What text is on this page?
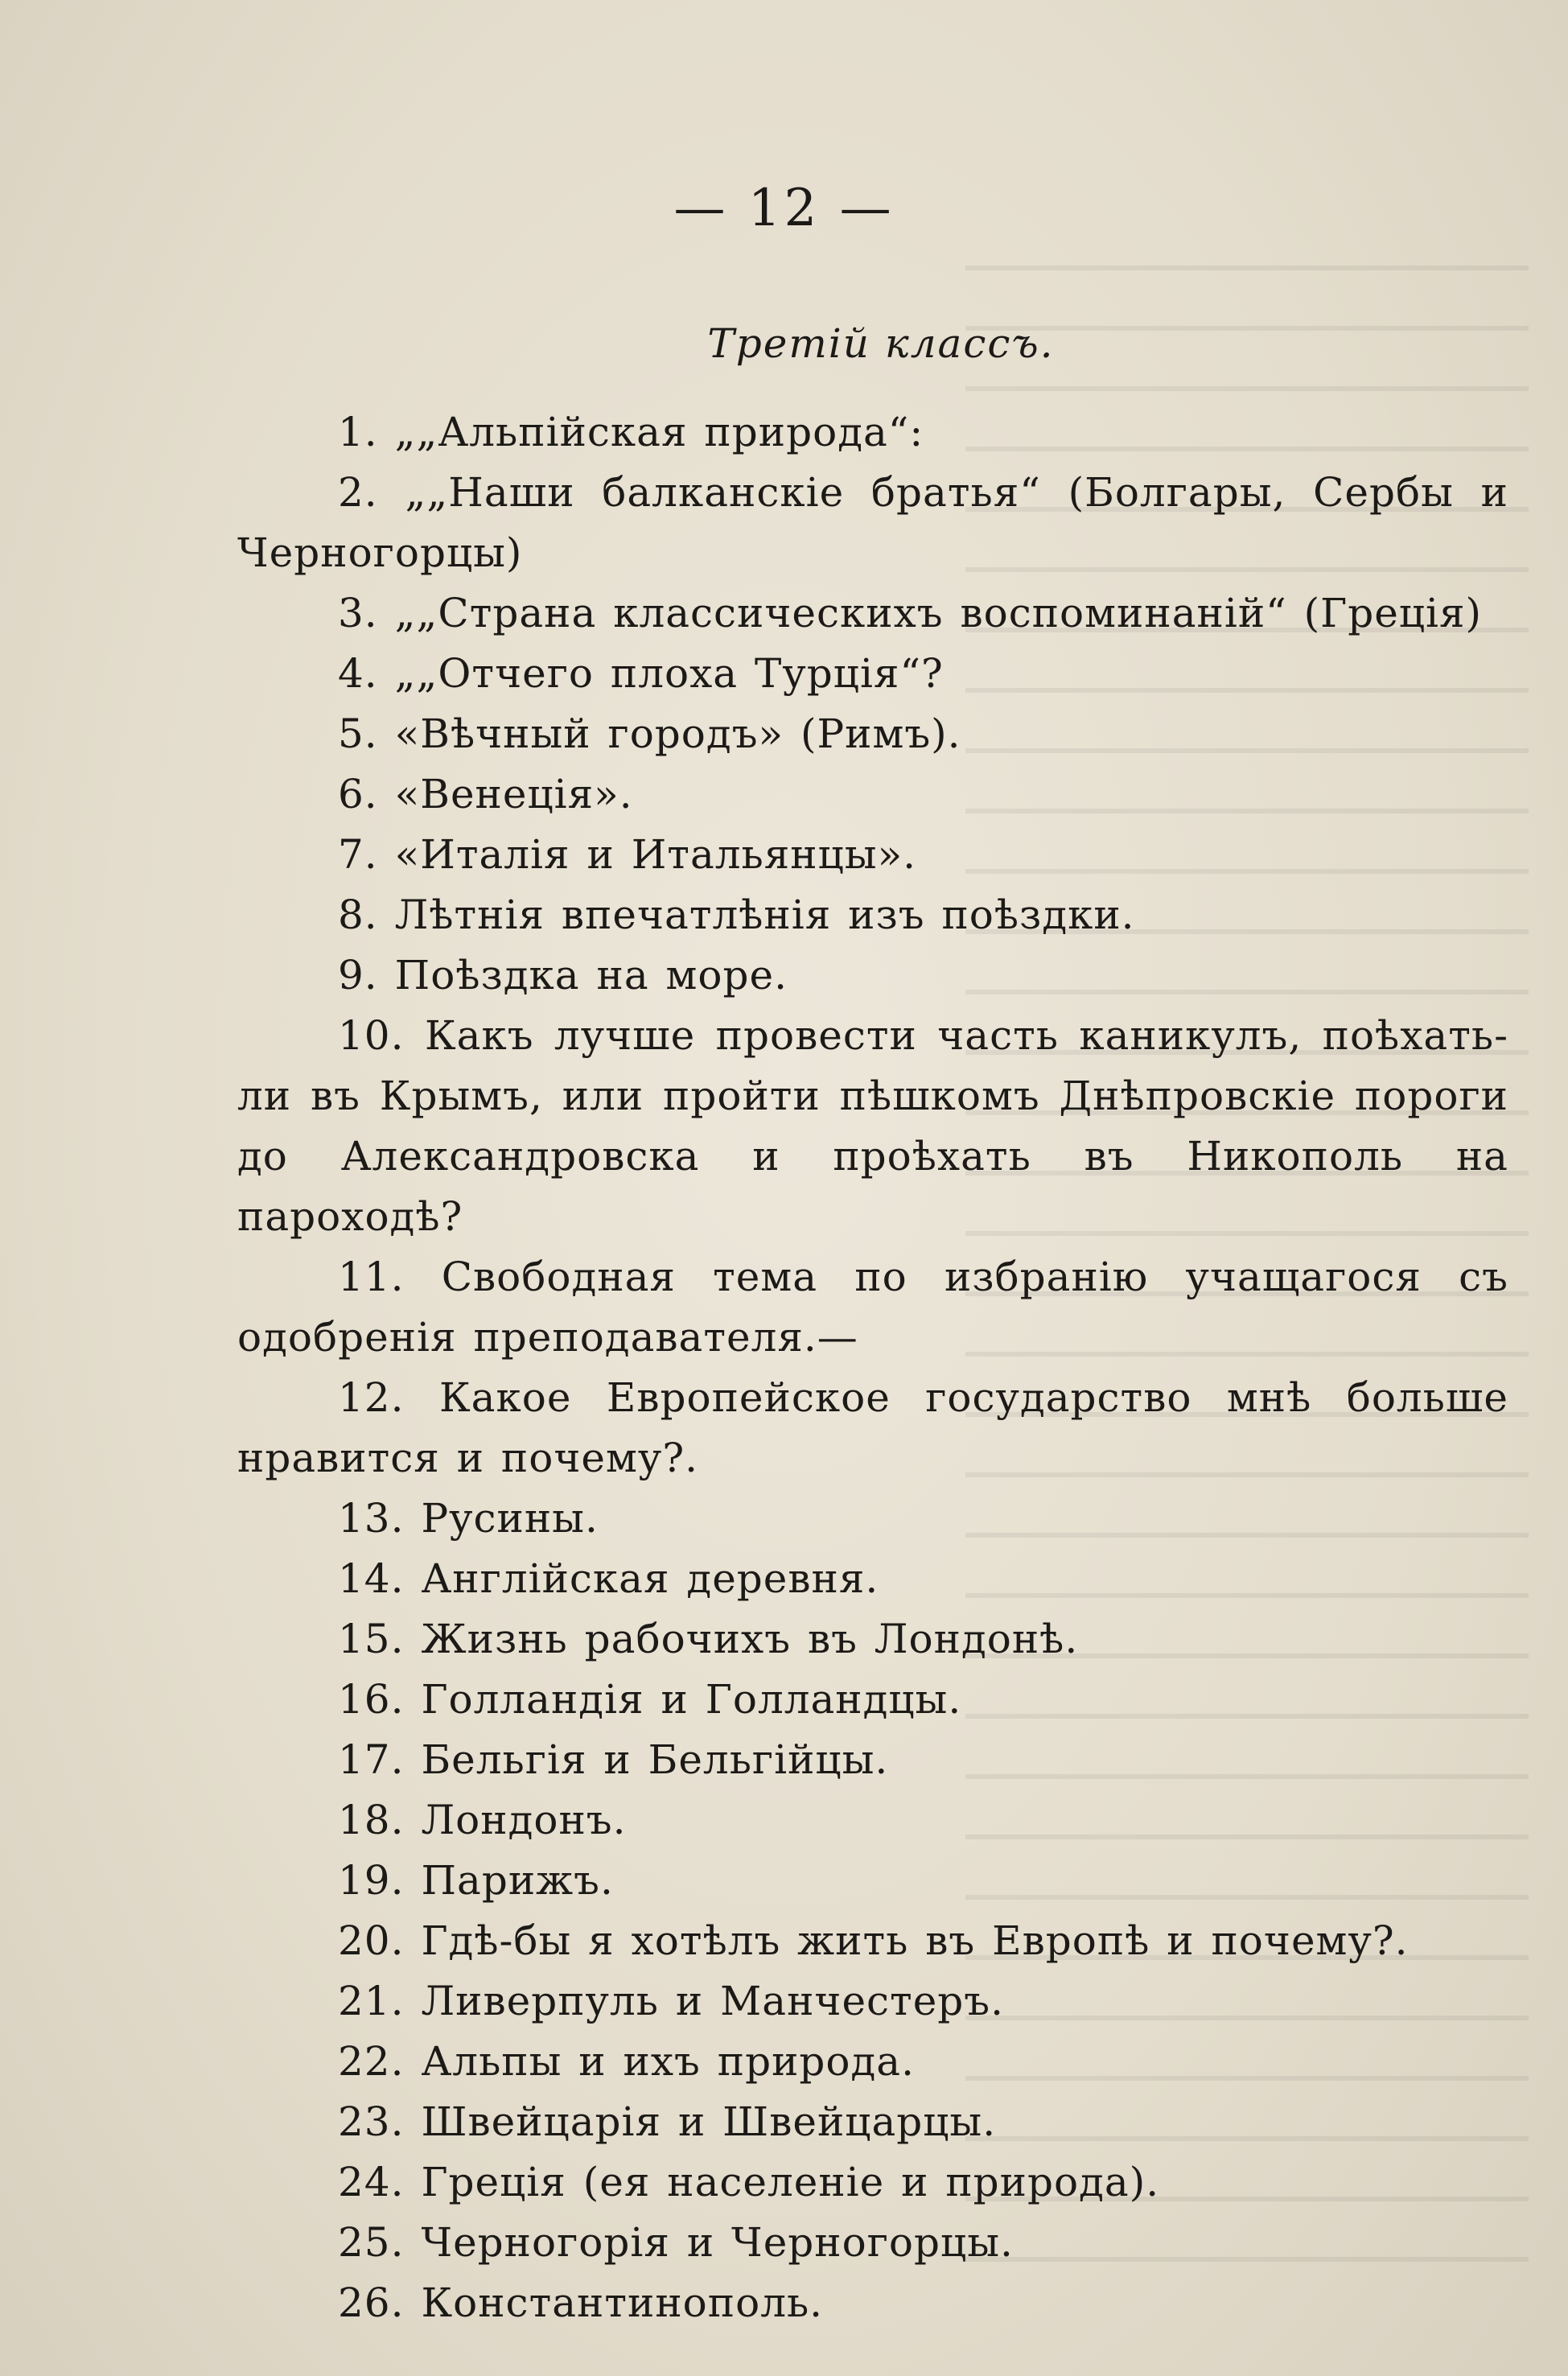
— 12 —
Третій классъ.

1. „„Альпійская природа“:

2. „„Наши балканскіе братья“ (Болгары, Сербы и Черногорцы)

3. „„Страна классическихъ воспоминаній“ (Греція)

4. „„Отчего плоха Турція“?

5. «Вѣчный городъ» (Римъ).

6. «Венеція».

7. «Италія и Итальянцы».

8. Лѣтнія впечатлѣнія изъ поѣздки.

9. Поѣздка на море.

10. Какъ лучше провести часть каникулъ, поѣхать-ли въ Крымъ, или пройти пѣшкомъ Днѣпровскіе пороги до Александровска и проѣхать въ Никополь на пароходѣ?

11. Свободная тема по избранію учащагося съ одобренія преподавателя.—

12. Какое Европейское государство мнѣ больше нравится и почему?.

13. Русины.

14. Англійская деревня.

15. Жизнь рабочихъ въ Лондонѣ.

16. Голландія и Голландцы.

17. Бельгія и Бельгійцы.

18. Лондонъ.

19. Парижъ.

20. Гдѣ-бы я хотѣлъ жить въ Европѣ и почему?.

21. Ливерпуль и Манчестеръ.

22. Альпы и ихъ природа.

23. Швейцарія и Швейцарцы.

24. Греція (ея населеніе и природа).

25. Черногорія и Черногорцы.

26. Константинополь.
